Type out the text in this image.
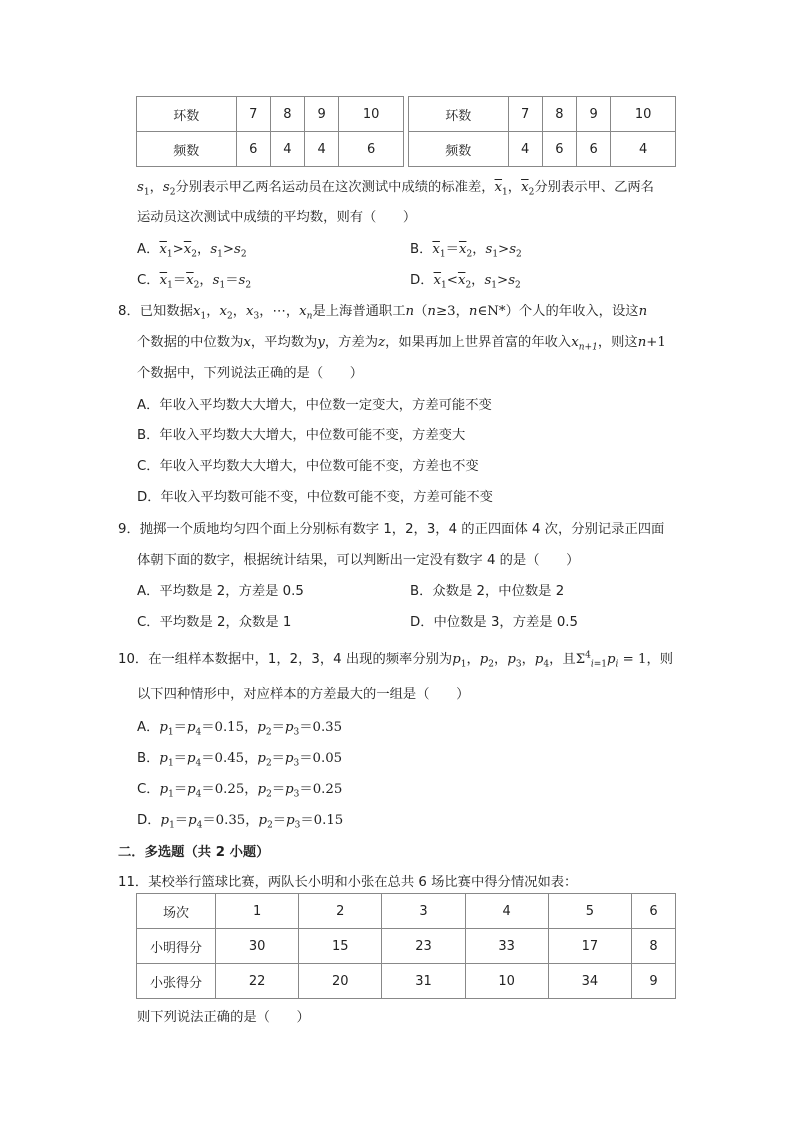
环数	7	8	9	10		环数	7	8	9	10
频数	6	4	4	6		频数	4	6	6	4
$s_1$，$s_2$分别表示甲乙两名运动员在这次测试中成绩的标准差，$\overline{x}_1$，$\overline{x}_2$分别表示甲、乙两名
运动员这次测试中成绩的平均数，则有（　　）
A．$\overline{x}_1>\overline{x}_2$，$s_1>s_2$	B．$\overline{x}_1=\overline{x}_2$，$s_1>s_2$
C．$\overline{x}_1=\overline{x}_2$，$s_1=s_2$	D．$\overline{x}_1<\overline{x}_2$，$s_1>s_2$
8．已知数据$x_1$，$x_2$，$x_3$，⋯，$x_n$是上海普通职工n（n≥3，n∈N*）个人的年收入，设这n
个数据的中位数为x，平均数为y，方差为z，如果再加上世界首富的年收入$x_{n+1}$，则这n+1
个数据中，下列说法正确的是（　　）
A．年收入平均数大大增大，中位数一定变大，方差可能不变
B．年收入平均数大大增大，中位数可能不变，方差变大
C．年收入平均数大大增大，中位数可能不变，方差也不变
D．年收入平均数可能不变，中位数可能不变，方差可能不变
9．抛掷一个质地均匀四个面上分别标有数字 1，2，3，4 的正四面体 4 次，分别记录正四面
体朝下面的数字，根据统计结果，可以判断出一定没有数字 4 的是（　　）
A．平均数是 2，方差是 0.5	B．众数是 2，中位数是 2
C．平均数是 2，众数是 1	D．中位数是 3，方差是 0.5
10．在一组样本数据中，1，2，3，4 出现的频率分别为$p_1$，$p_2$，$p_3$，$p_4$，且$\Sigma^4_{i=1}p_i = 1$，则
以下四种情形中，对应样本的方差最大的一组是（　　）
A．$p_1=p_4=0.15$，$p_2=p_3=0.35$
B．$p_1=p_4=0.45$，$p_2=p_3=0.05$
C．$p_1=p_4=0.25$，$p_2=p_3=0.25$
D．$p_1=p_4=0.35$，$p_2=p_3=0.15$
二．多选题（共 2 小题）
11．某校举行篮球比赛，两队长小明和小张在总共 6 场比赛中得分情况如表：
场次	1	2	3	4	5	6
小明得分	30	15	23	33	17	8
小张得分	22	20	31	10	34	9
则下列说法正确的是（　　）
